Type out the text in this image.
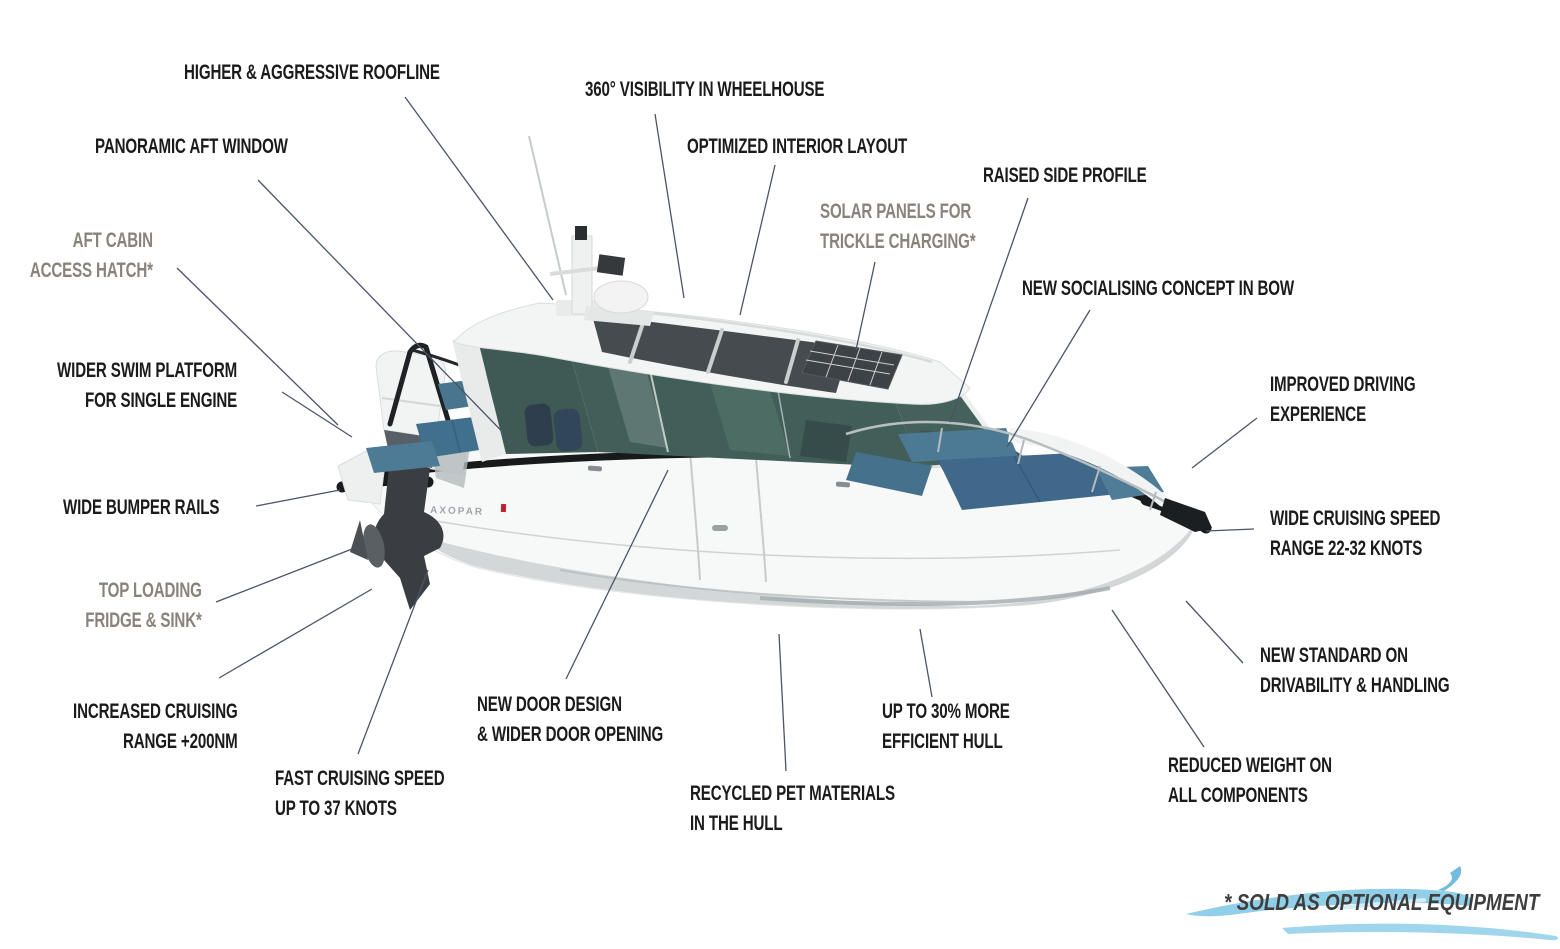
AXOPAR
* SOLD AS OPTIONAL EQUIPMENT
HIGHER & AGGRESSIVE ROOFLINE
360° VISIBILITY IN WHEELHOUSE
PANORAMIC AFT WINDOW	OPTIMIZED INTERIOR LAYOUT
RAISED SIDE PROFILE
SOLAR PANELS FOR
TRICKLE CHARGING*
AFT CABIN
ACCESS HATCH*
NEW SOCIALISING CONCEPT IN BOW
WIDER SWIM PLATFORM
FOR SINGLE ENGINE
IMPROVED DRIVING
EXPERIENCE
WIDE BUMPER RAILS	WIDE CRUISING SPEED
RANGE 22-32 KNOTS
TOP LOADING
FRIDGE & SINK*
NEW STANDARD ON
DRIVABILITY & HANDLING
INCREASED CRUISING
RANGE +200NM
NEW DOOR DESIGN
& WIDER DOOR OPENING
UP TO 30% MORE
EFFICIENT HULL
FAST CRUISING SPEED
UP TO 37 KNOTS
RECYCLED PET MATERIALS
IN THE HULL
REDUCED WEIGHT ON
ALL COMPONENTS
